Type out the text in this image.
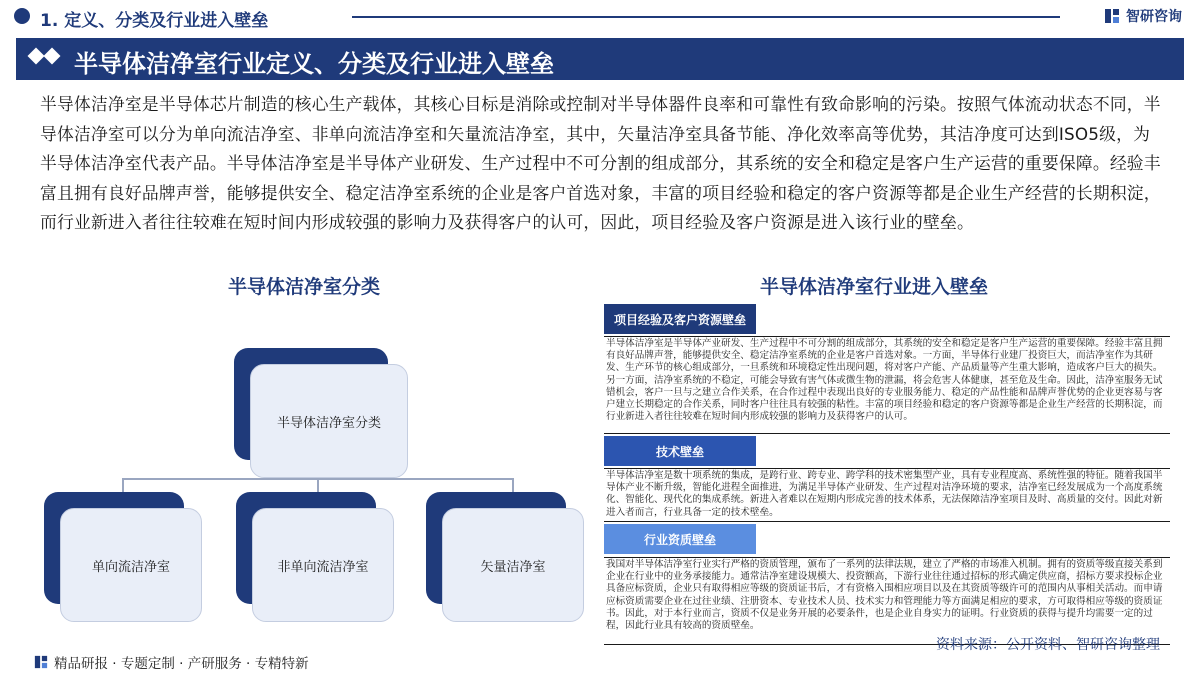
1. 定义、分类及行业进入壁垒	智研咨询
半导体洁净室行业定义、分类及行业进入壁垒
半导体洁净室是半导体芯片制造的核心生产载体，其核心目标是消除或控制对半导体器件良率和可靠性有致命影响的污染。按照气体流动状态不同，半导体洁净室可以分为单向流洁净室、非单向流洁净室和矢量流洁净室，其中，矢量洁净室具备节能、净化效率高等优势，其洁净度可达到ISO5级，为半导体洁净室代表产品。半导体洁净室是半导体产业研发、生产过程中不可分割的组成部分，其系统的安全和稳定是客户生产运营的重要保障。经验丰富且拥有良好品牌声誉，能够提供安全、稳定洁净室系统的企业是客户首选对象，丰富的项目经验和稳定的客户资源等都是企业生产经营的长期积淀，而行业新进入者往往较难在短时间内形成较强的影响力及获得客户的认可，因此，项目经验及客户资源是进入该行业的壁垒。
半导体洁净室分类
半导体洁净室分类
单向流洁净室	非单向流洁净室	矢量洁净室
半导体洁净室行业进入壁垒
项目经验及客户资源壁垒
半导体洁净室是半导体产业研发、生产过程中不可分割的组成部分，其系统的安全和稳定是客户生产运营的重要保障。经验丰富且拥有良好品牌声誉，能够提供安全、稳定洁净室系统的企业是客户首选对象。一方面，半导体行业建厂投资巨大，而洁净室作为其研发、生产环节的核心组成部分，一旦系统和环境稳定性出现问题，将对客户产能、产品质量等产生重大影响，造成客户巨大的损失。另一方面，洁净室系统的不稳定，可能会导致有害气体或微生物的泄漏，将会危害人体健康，甚至危及生命。因此，洁净室服务无试错机会，客户一旦与之建立合作关系，在合作过程中表现出良好的专业服务能力、稳定的产品性能和品牌声誉优势的企业更容易与客户建立长期稳定的合作关系，同时客户往往具有较强的粘性。丰富的项目经验和稳定的客户资源等都是企业生产经营的长期积淀，而行业新进入者往往较难在短时间内形成较强的影响力及获得客户的认可。
技术壁垒
半导体洁净室是数十项系统的集成，是跨行业、跨专业、跨学科的技术密集型产业，具有专业程度高、系统性强的特征。随着我国半导体产业不断升级，智能化进程全面推进，为满足半导体产业研发、生产过程对洁净环境的要求，洁净室已经发展成为一个高度系统化、智能化、现代化的集成系统。新进入者难以在短期内形成完善的技术体系，无法保障洁净室项目及时、高质量的交付。因此对新进入者而言，行业具备一定的技术壁垒。
行业资质壁垒
我国对半导体洁净室行业实行严格的资质管理，颁布了一系列的法律法规，建立了严格的市场准入机制。拥有的资质等级直接关系到企业在行业中的业务承接能力。通常洁净室建设规模大、投资额高，下游行业往往通过招标的形式确定供应商，招标方要求投标企业具备应标资质，企业只有取得相应等级的资质证书后，才有资格入围相应项目以及在其资质等级许可的范围内从事相关活动。而申请应标资质需要企业在过往业绩、注册资本、专业技术人员、技术实力和管理能力等方面满足相应的要求，方可取得相应等级的资质证书。因此，对于本行业而言，资质不仅是业务开展的必要条件，也是企业自身实力的证明。行业资质的获得与提升均需要一定的过程，因此行业具有较高的资质壁垒。
资料来源：公开资料、智研咨询整理
精品研报 · 专题定制 · 产研服务 · 专精特新
